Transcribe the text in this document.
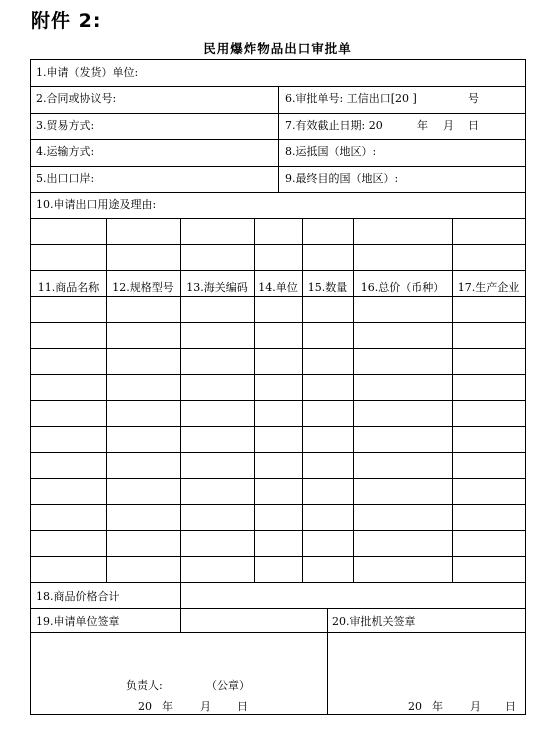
附件 2:
民用爆炸物品出口审批单
1.申请（发货）单位:
2.合同或协议号:	6.审批单号: 工信出口[20 ]	号
3.贸易方式:	7.有效截止日期: 20	年 月 日
4.运输方式:	8.运抵国（地区）:
5.出口口岸:	9.最终目的国（地区）:
10.申请出口用途及理由:
11.商品名称	12.规格型号	13.海关编码 14.单位 15.数量	16.总价（币种）	17.生产企业
18.商品价格合计
19.申请单位签章
负责人:	（公章）
20 年 月 日
20.审批机关签章
20 年 月 日
